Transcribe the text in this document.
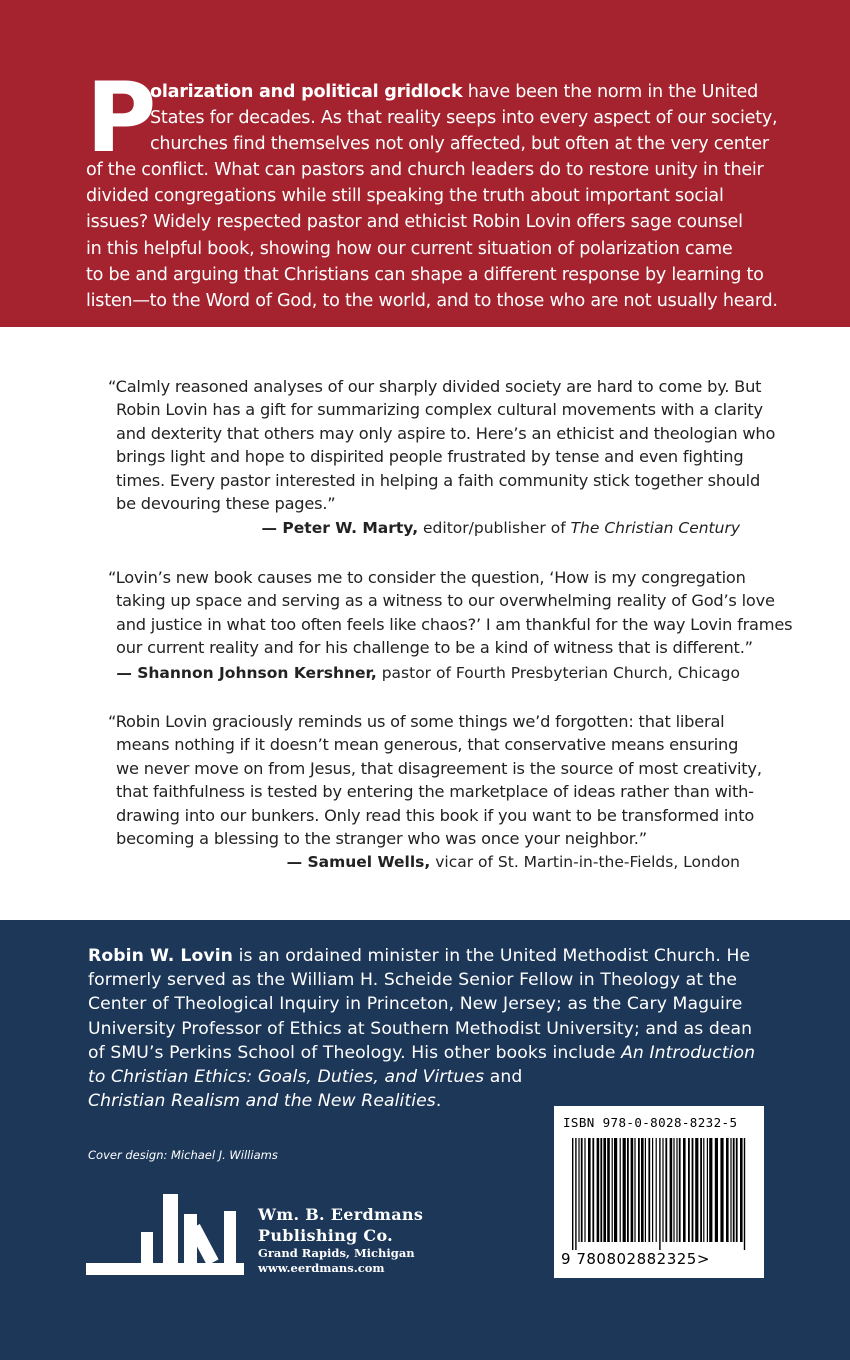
P
olarization and political gridlock have been the norm in the United
States for decades. As that reality seeps into every aspect of our society,
churches find themselves not only affected, but often at the very center
of the conflict. What can pastors and church leaders do to restore unity in their
divided congregations while still speaking the truth about important social
issues? Widely respected pastor and ethicist Robin Lovin offers sage counsel
in this helpful book, showing how our current situation of polarization came
to be and arguing that Christians can shape a different response by learning to
listen—to the Word of God, to the world, and to those who are not usually heard.
“Calmly reasoned analyses of our sharply divided society are hard to come by. But
Robin Lovin has a gift for summarizing complex cultural movements with a clarity
and dexterity that others may only aspire to. Here’s an ethicist and theologian who
brings light and hope to dispirited people frustrated by tense and even fighting
times. Every pastor interested in helping a faith community stick together should
be devouring these pages.”
— Peter W. Marty, editor/publisher of The Christian Century
“Lovin’s new book causes me to consider the question, ‘How is my congregation
taking up space and serving as a witness to our overwhelming reality of God’s love
and justice in what too often feels like chaos?’ I am thankful for the way Lovin frames
our current reality and for his challenge to be a kind of witness that is different.”
— Shannon Johnson Kershner, pastor of Fourth Presbyterian Church, Chicago
“Robin Lovin graciously reminds us of some things we’d forgotten: that liberal
means nothing if it doesn’t mean generous, that conservative means ensuring
we never move on from Jesus, that disagreement is the source of most creativity,
that faithfulness is tested by entering the marketplace of ideas rather than with-
drawing into our bunkers. Only read this book if you want to be transformed into
becoming a blessing to the stranger who was once your neighbor.”
— Samuel Wells, vicar of St. Martin-in-the-Fields, London
Robin W. Lovin is an ordained minister in the United Methodist Church. He
formerly served as the William H. Scheide Senior Fellow in Theology at the
Center of Theological Inquiry in Princeton, New Jersey; as the Cary Maguire
University Professor of Ethics at Southern Methodist University; and as dean
of SMU’s Perkins School of Theology. His other books include An Introduction
to Christian Ethics: Goals, Duties, and Virtues and
Christian Realism and the New Realities.
Cover design: Michael J. Williams
Wm. B. Eerdmans
Publishing Co.
Grand Rapids, Michigan
www.eerdmans.com
ISBN 978-0-8028-8232-5
9 780802882325>
